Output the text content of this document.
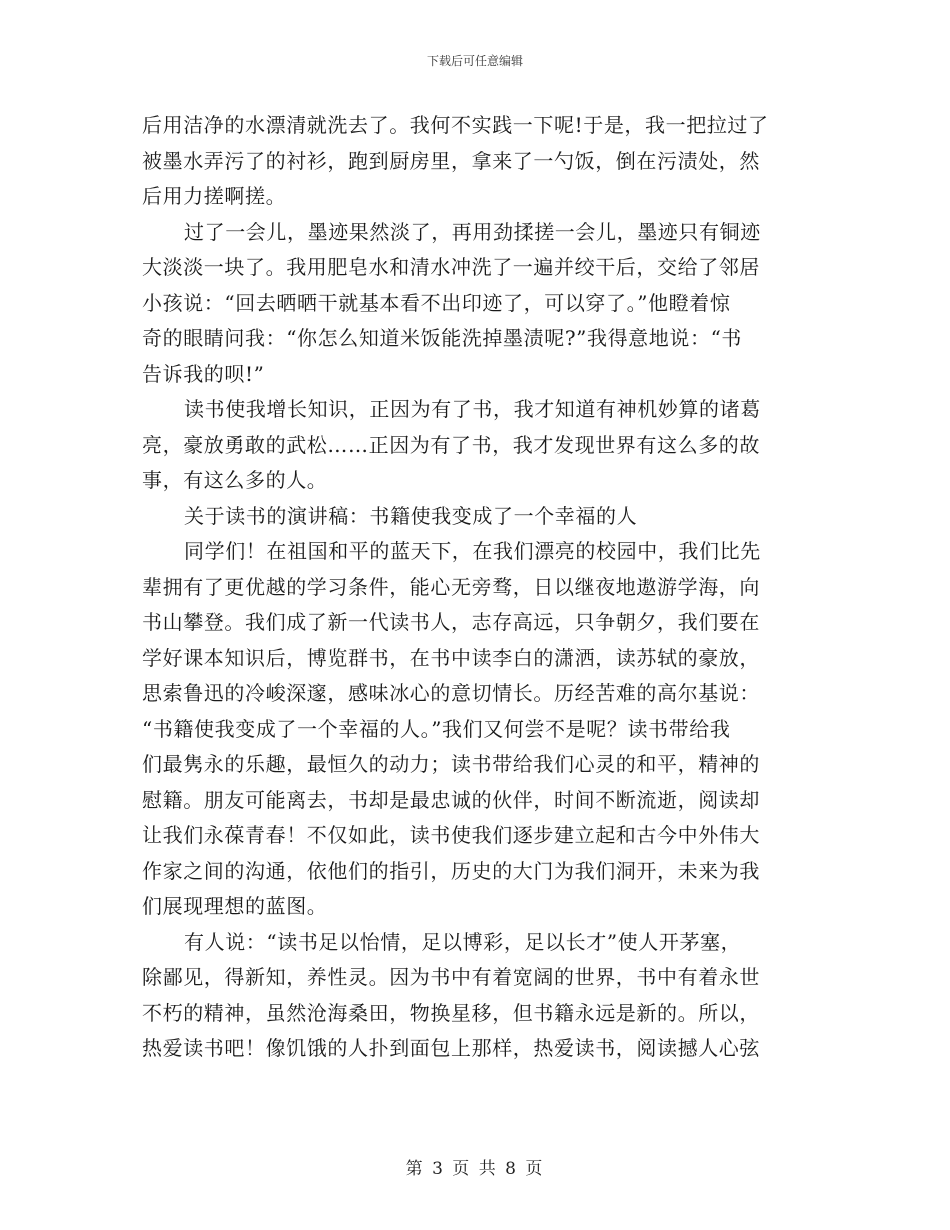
下载后可任意编辑
后用洁净的水漂清就洗去了。我何不实践一下呢!于是，我一把拉过了
被墨水弄污了的衬衫，跑到厨房里，拿来了一勺饭，倒在污渍处，然
后用力搓啊搓。
过了一会儿，墨迹果然淡了，再用劲揉搓一会儿，墨迹只有铜迹
大淡淡一块了。我用肥皂水和清水冲洗了一遍并绞干后，交给了邻居
小孩说：“回去晒晒干就基本看不出印迹了，可以穿了。”他瞪着惊
奇的眼睛问我：“你怎么知道米饭能洗掉墨渍呢?”我得意地说：“书
告诉我的呗!”
读书使我增长知识，正因为有了书，我才知道有神机妙算的诸葛
亮，豪放勇敢的武松……正因为有了书，我才发现世界有这么多的故
事，有这么多的人。
关于读书的演讲稿：书籍使我变成了一个幸福的人
同学们！在祖国和平的蓝天下，在我们漂亮的校园中，我们比先
辈拥有了更优越的学习条件，能心无旁骛，日以继夜地遨游学海，向
书山攀登。我们成了新一代读书人，志存高远，只争朝夕，我们要在
学好课本知识后，博览群书，在书中读李白的潇洒，读苏轼的豪放，
思索鲁迅的冷峻深邃，感味冰心的意切情长。历经苦难的高尔基说：
“书籍使我变成了一个幸福的人。”我们又何尝不是呢？读书带给我
们最隽永的乐趣，最恒久的动力；读书带给我们心灵的和平，精神的
慰籍。朋友可能离去，书却是最忠诚的伙伴，时间不断流逝，阅读却
让我们永葆青春！不仅如此，读书使我们逐步建立起和古今中外伟大
作家之间的沟通，依他们的指引，历史的大门为我们洞开，未来为我
们展现理想的蓝图。
有人说：“读书足以怡情，足以博彩，足以长才”使人开茅塞，
除鄙见，得新知，养性灵。因为书中有着宽阔的世界，书中有着永世
不朽的精神，虽然沧海桑田，物换星移，但书籍永远是新的。所以，
热爱读书吧！像饥饿的人扑到面包上那样，热爱读书，阅读撼人心弦
第 3 页 共 8 页
